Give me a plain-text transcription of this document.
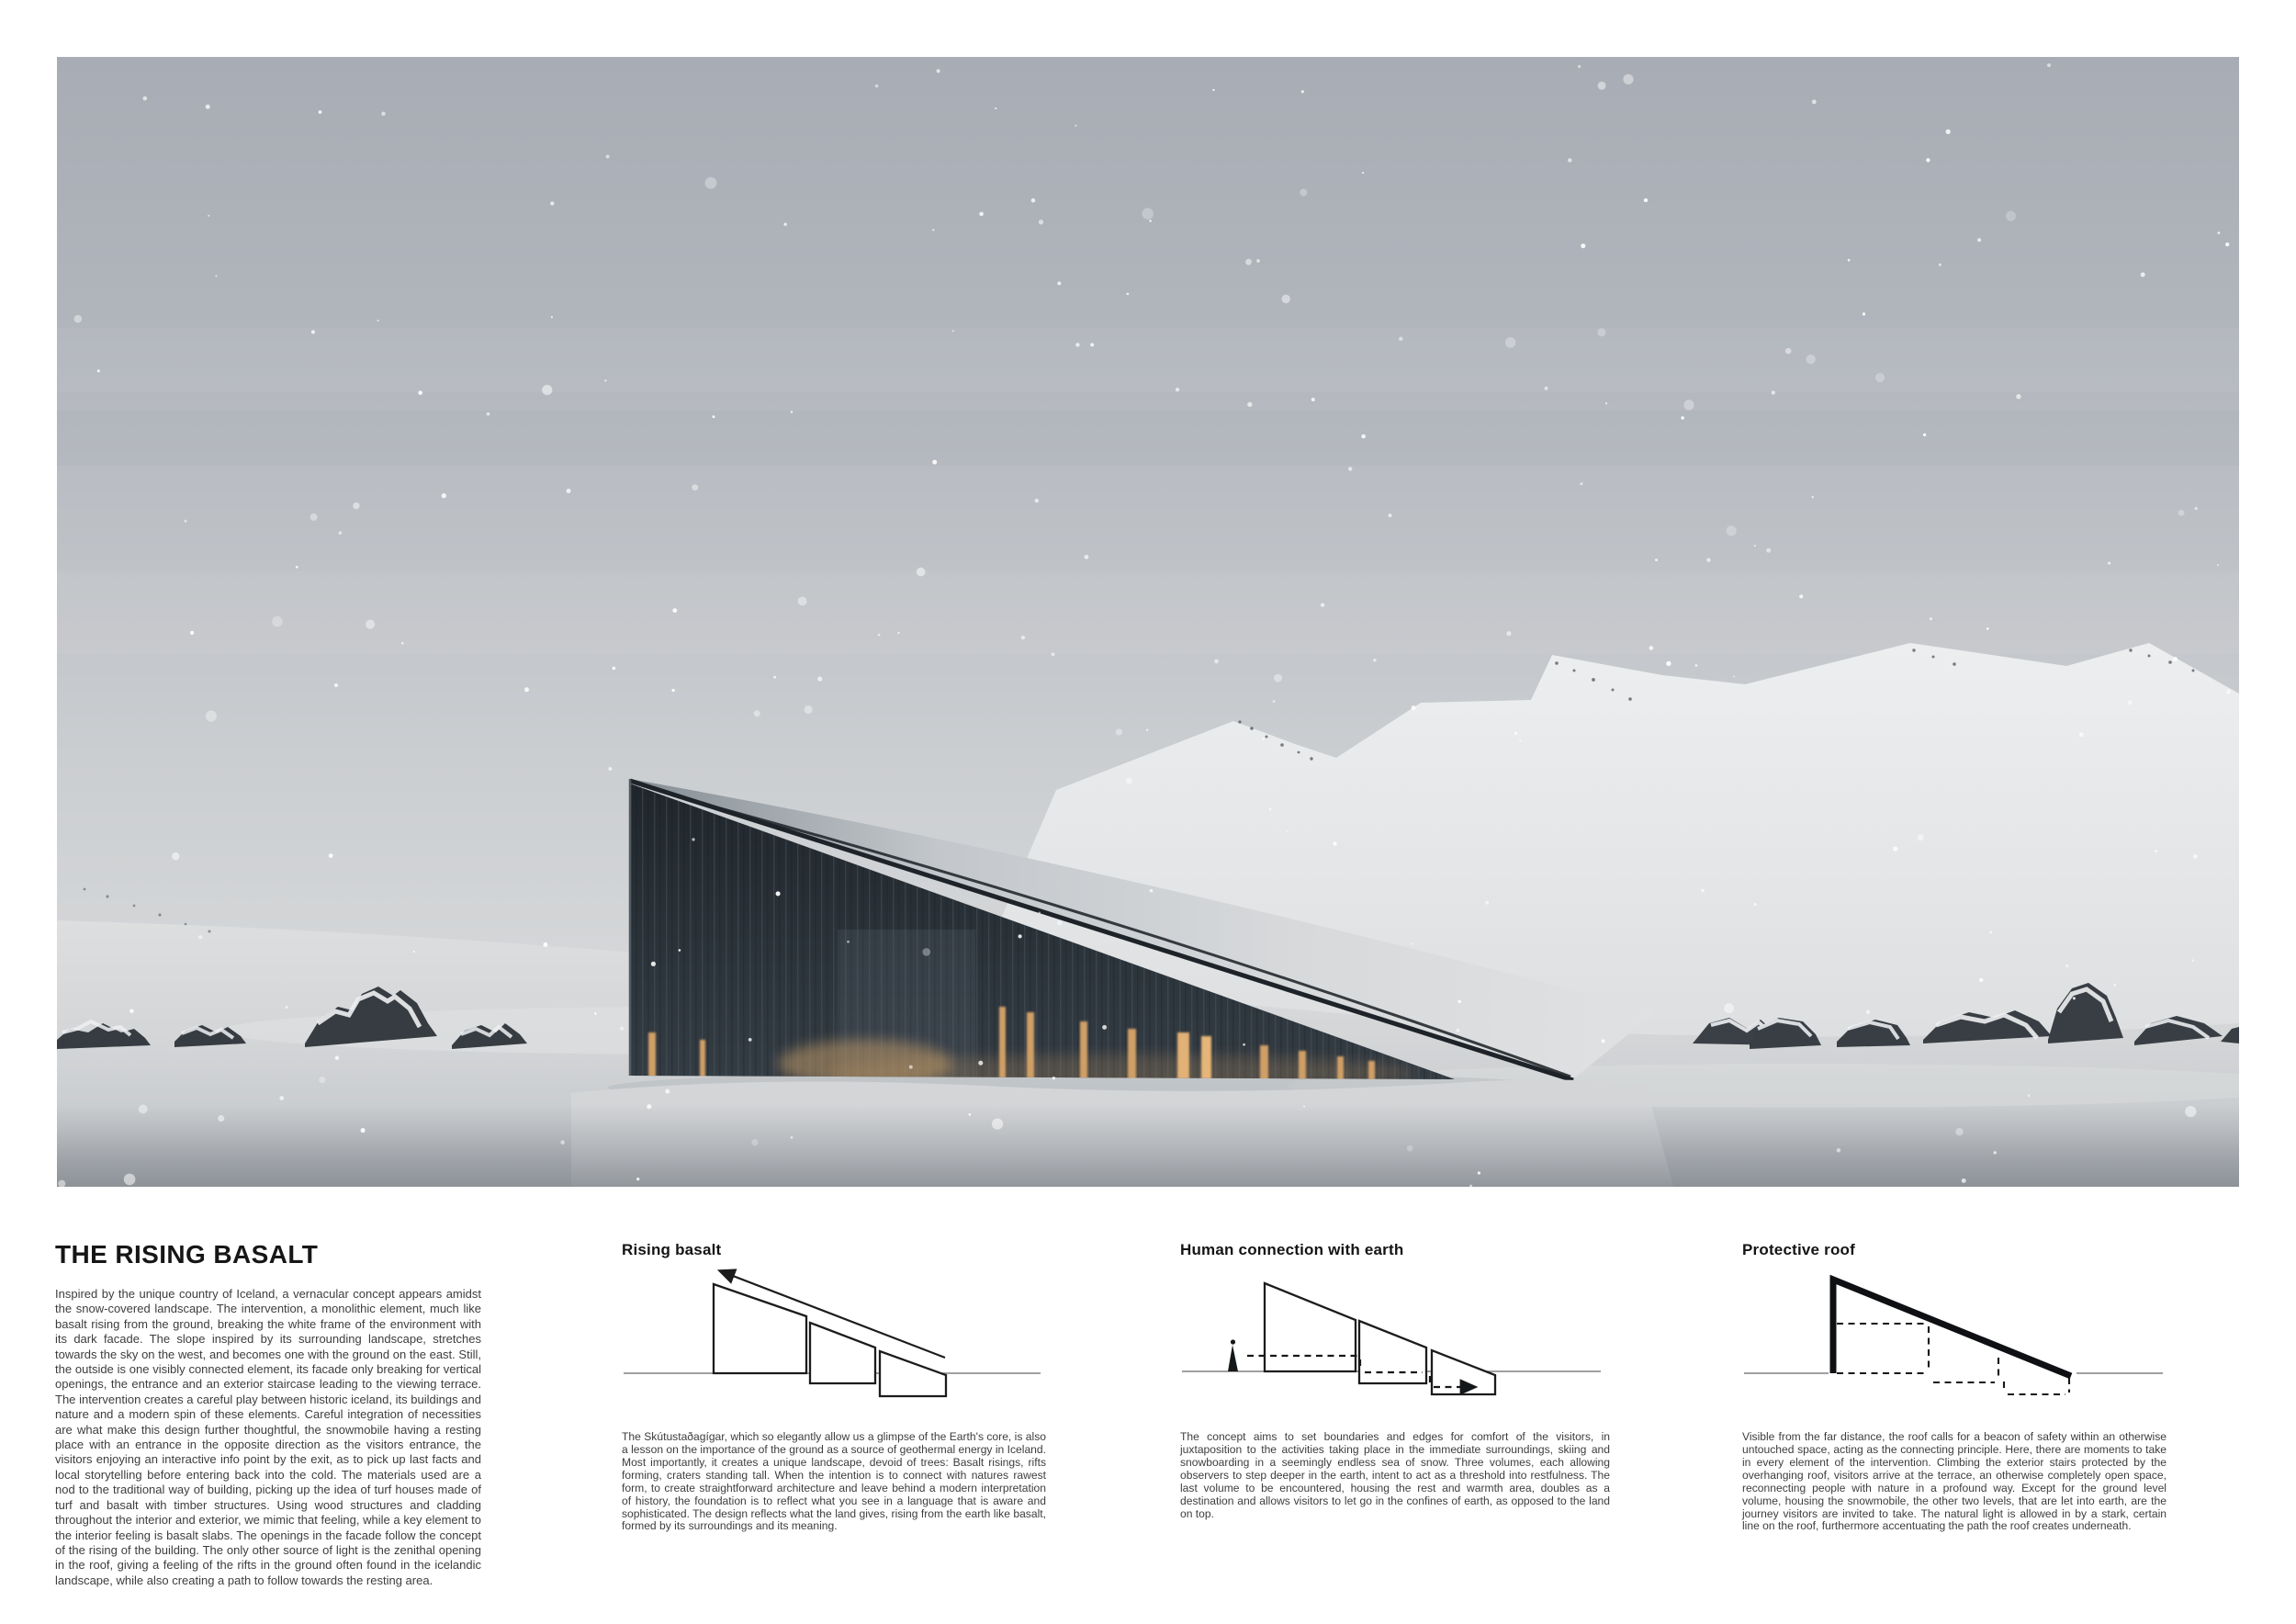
THE RISING BASALT

Inspired by the unique country of Iceland, a vernacular concept appears amidst the snow-covered landscape. The intervention, a monolithic element, much like basalt rising from the ground, breaking the white frame of the environment with its dark facade. The slope inspired by its surrounding landscape, stretches towards the sky on the west, and becomes one with the ground on the east. Still, the outside is one visibly connected element, its facade only breaking for vertical openings, the entrance and an exterior staircase leading to the viewing terrace. The intervention creates a careful play between historic iceland, its buildings and nature and a modern spin of these elements. Careful integration of necessities are what make this design further thoughtful, the snowmobile having a resting place with an entrance in the opposite direction as the visitors entrance, the visitors enjoying an interactive info point by the exit, as to pick up last facts and local storytelling before entering back into the cold. The materials used are a nod to the traditional way of building, picking up the idea of turf houses made of turf and basalt with timber structures. Using wood structures and cladding throughout the interior and exterior, we mimic that feeling, while a key element to the interior feeling is basalt slabs. The openings in the facade follow the concept of the rising of the building. The only other source of light is the zenithal opening in the roof, giving a feeling of the rifts in the ground often found in the icelandic landscape, while also creating a path to follow towards the resting area.

Rising basalt	Human connection with earth	Protective roof

The Skútustaðagígar, which so elegantly allow us a glimpse of the Earth's core, is also a lesson on the importance of the ground as a source of geothermal energy in Iceland. Most importantly, it creates a unique landscape, devoid of trees: Basalt risings, rifts forming, craters standing tall. When the intention is to connect with natures rawest form, to create straightforward architecture and leave behind a modern interpretation of history, the foundation is to reflect what you see in a language that is aware and sophisticated. The design reflects what the land gives, rising from the earth like basalt, formed by its surroundings and its meaning.

The concept aims to set boundaries and edges for comfort of the visitors, in juxtaposition to the activities taking place in the immediate surroundings, skiing and snowboarding in a seemingly endless sea of snow. Three volumes, each allowing observers to step deeper in the earth, intent to act as a threshold into restfulness. The last volume to be encountered, housing the rest and warmth area, doubles as a destination and allows visitors to let go in the confines of earth, as opposed to the land on top.

Visible from the far distance, the roof calls for a beacon of safety within an otherwise untouched space, acting as the connecting principle. Here, there are moments to take in every element of the intervention. Climbing the exterior stairs protected by the overhanging roof, visitors arrive at the terrace, an otherwise completely open space, reconnecting people with nature in a profound way. Except for the ground level volume, housing the snowmobile, the other two levels, that are let into earth, are the journey visitors are invited to take. The natural light is allowed in by a stark, certain line on the roof, furthermore accentuating the path the roof creates underneath.
